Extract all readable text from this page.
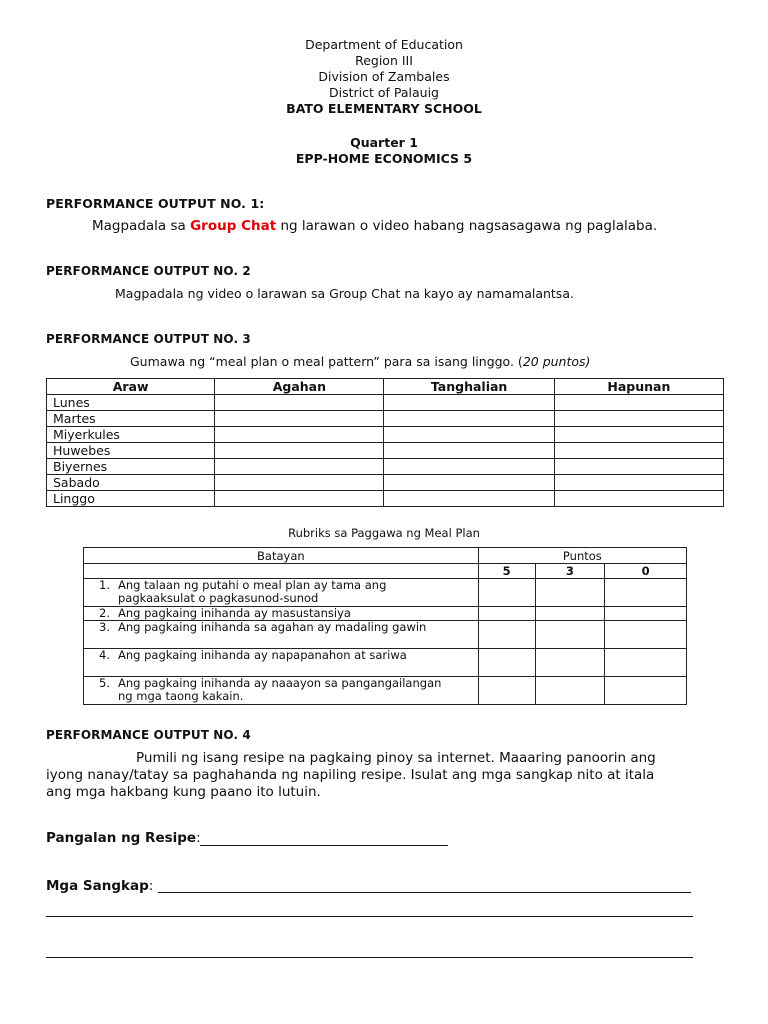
Department of Education
Region III
Division of Zambales
District of Palauig
BATO ELEMENTARY SCHOOL
Quarter 1
EPP-HOME ECONOMICS 5
PERFORMANCE OUTPUT NO. 1:
Magpadala sa Group Chat ng larawan o video habang nagsasagawa ng paglalaba.
PERFORMANCE OUTPUT NO. 2
Magpadala ng video o larawan sa Group Chat na kayo ay namamalantsa.
PERFORMANCE OUTPUT NO. 3
Gumawa ng “meal plan o meal pattern” para sa isang linggo. (20 puntos)
Araw	Agahan	Tanghalian	Hapunan
Lunes			
Martes			
Miyerkules			
Huwebes			
Biyernes			
Sabado			
Linggo			
Rubriks sa Paggawa ng Meal Plan
Batayan	Puntos		
	5	3	0
1. Ang talaan ng putahi o meal plan ay tama ang pagkaaksulat o pagkasunod-sunod			
2. Ang pagkaing inihanda ay masustansiya			
3. Ang pagkaing inihanda sa agahan ay madaling gawin			
4. Ang pagkaing inihanda ay napapanahon at sariwa			
5. Ang pagkaing inihanda ay naaayon sa pangangailangan ng mga taong kakain.			
PERFORMANCE OUTPUT NO. 4
Pumili ng isang resipe na pagkaing pinoy sa internet. Maaaring panoorin ang
iyong nanay/tatay sa paghahanda ng napiling resipe. Isulat ang mga sangkap nito at itala
ang mga hakbang kung paano ito lutuin.
Pangalan ng Resipe:
Mga Sangkap:
